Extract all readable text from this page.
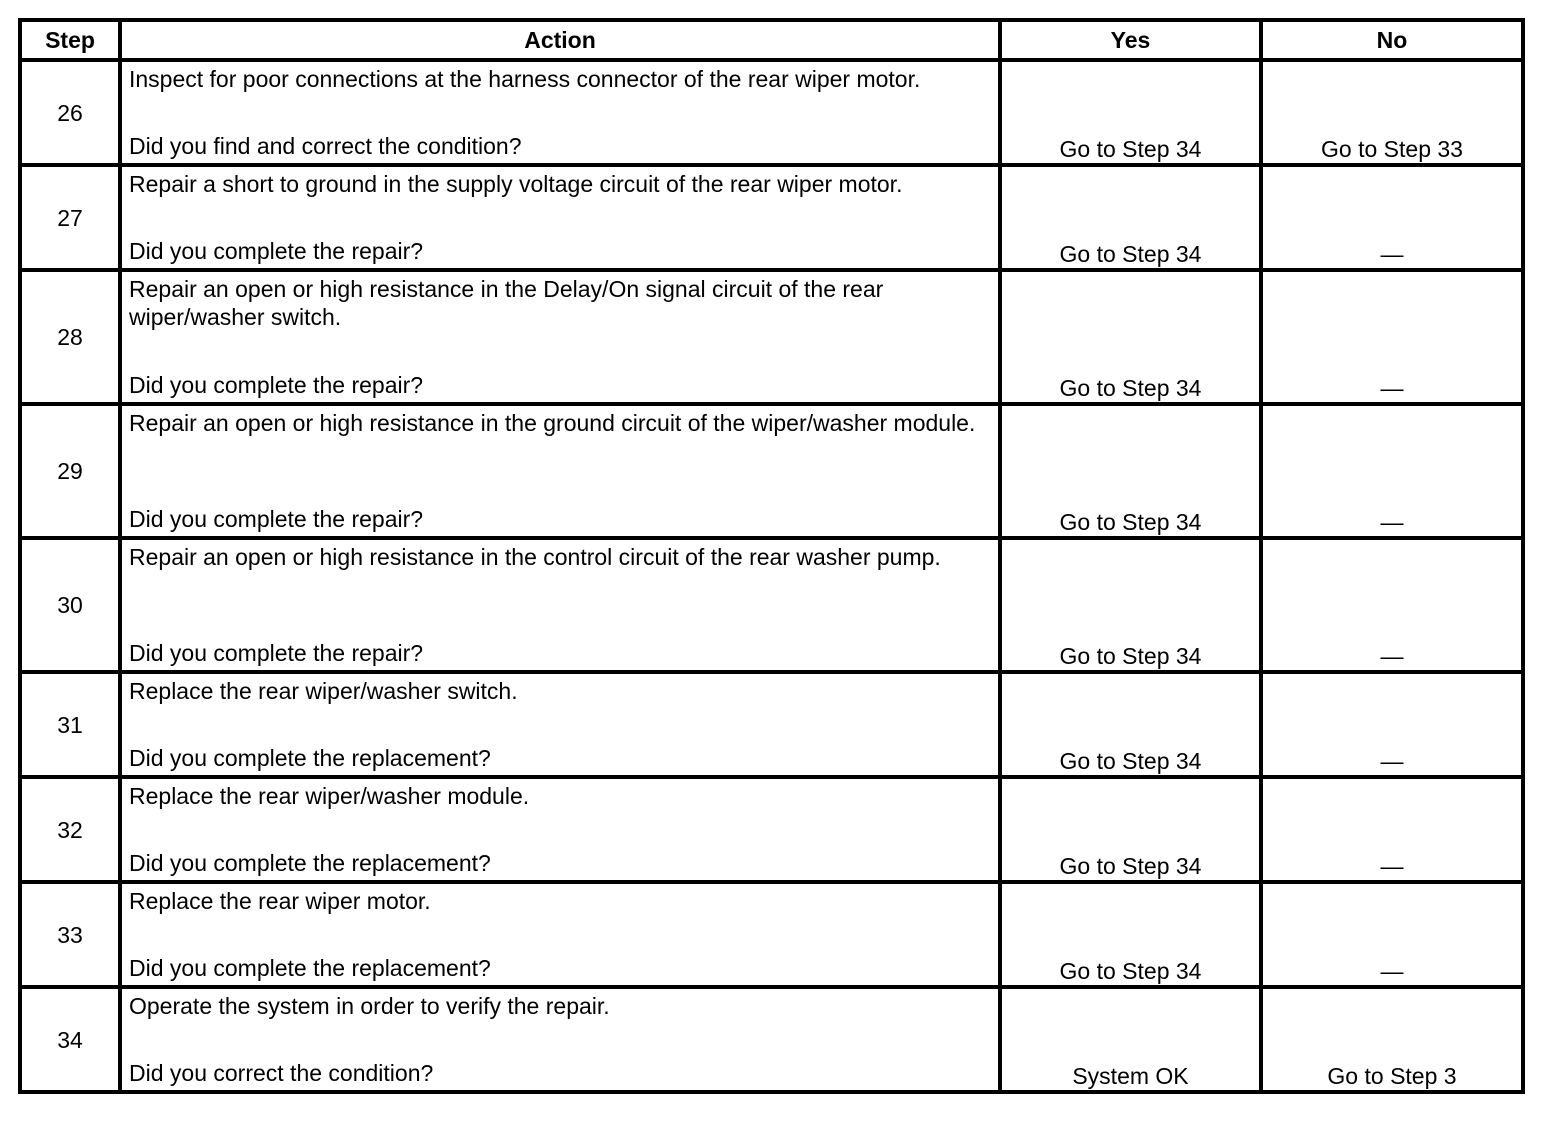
Step	Action	Yes	No
26	Inspect for poor connections at the harness connector of the rear wiper motor.
Did you find and correct the condition?	Go to Step 34	Go to Step 33
27	Repair a short to ground in the supply voltage circuit of the rear wiper motor.
Did you complete the repair?	Go to Step 34	—
28	Repair an open or high resistance in the Delay/On signal circuit of the rear wiper/washer switch.
Did you complete the repair?	Go to Step 34	—
29	Repair an open or high resistance in the ground circuit of the wiper/washer module.
Did you complete the repair?	Go to Step 34	—
30	Repair an open or high resistance in the control circuit of the rear washer pump.
Did you complete the repair?	Go to Step 34	—
31	Replace the rear wiper/washer switch.
Did you complete the replacement?	Go to Step 34	—
32	Replace the rear wiper/washer module.
Did you complete the replacement?	Go to Step 34	—
33	Replace the rear wiper motor.
Did you complete the replacement?	Go to Step 34	—
34	Operate the system in order to verify the repair.
Did you correct the condition?	System OK	Go to Step 3
